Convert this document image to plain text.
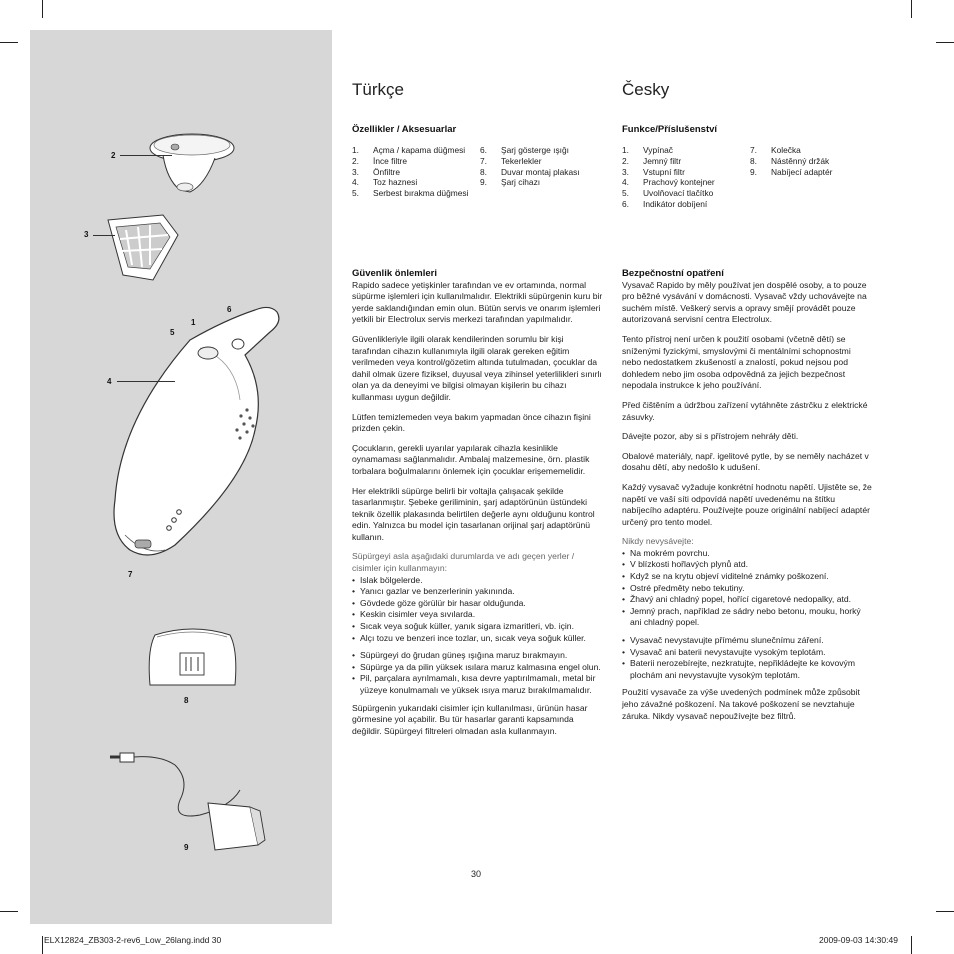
2
3
1
6
5
4
7
8
9
Türkçe
Özellikler / Aksesuarlar
1.	Açma / kapama düğmesi
2.	İnce filtre
3.	Önfiltre
4.	Toz haznesi
5.	Serbest bırakma düğmesi
6.	Şarj gösterge ışığı
7.	Tekerlekler
8.	Duvar montaj plakası
9.	Şarj cihazı
Güvenlik önlemleri

Rapido sadece yetişkinler tarafından ve ev ortamında, normal süpürme işlemleri için kullanılmalıdır. Elektrikli süpürgenin kuru bir yerde saklandığından emin olun. Bütün servis ve onarım işlemleri yetkili bir Electrolux servis merkezi tarafından yapılmalıdır.

Güvenlikleriyle ilgili olarak kendilerinden sorumlu bir kişi tarafından cihazın kullanımıyla ilgili olarak gereken eğitim verilmeden veya kontrol/gözetim altında tutulmadan, çocuklar da dahil olmak üzere fiziksel, duyusal veya zihinsel yeterlilikleri sınırlı olan ya da deneyimi ve bilgisi olmayan kişilerin bu cihazı kullanması uygun değildir.

Lütfen temizlemeden veya bakım yapmadan önce cihazın fişini prizden çekin.

Çocukların, gerekli uyarılar yapılarak cihazla kesinlikle oynamaması sağlanmalıdır. Ambalaj malzemesine, örn. plastik torbalara boğulmalarını önlemek için çocuklar erişememelidir.

Her elektrikli süpürge belirli bir voltajla çalışacak şekilde tasarlanmıştır. Şebeke geriliminin, şarj adaptörünün üstündeki teknik özellik plakasında belirtilen değerle aynı olduğunu kontrol edin. Yalnızca bu model için tasarlanan orijinal şarj adaptörünü kullanın.

Süpürgeyi asla aşağıdaki durumlarda ve adı geçen yerler / cisimler için kullanmayın:

• Islak bölgelerde.
• Yanıcı gazlar ve benzerlerinin yakınında.
• Gövdede göze görülür bir hasar olduğunda.
• Keskin cisimler veya sıvılarda.
• Sıcak veya soğuk küller, yanık sigara izmaritleri, vb. için.
• Alçı tozu ve benzeri ince tozlar, un, sıcak veya soğuk küller.
• Süpürgeyi do ğrudan güneş ışığına maruz bırakmayın.
• Süpürge ya da pilin yüksek ısılara maruz kalmasına engel olun.
• Pil, parçalara ayrılmamalı, kısa devre yaptırılmamalı, metal bir yüzeye konulmamalı ve yüksek ısıya maruz bırakılmamalıdır.

Süpürgenin yukarıdaki cisimler için kullanılması, ürünün hasar görmesine yol açabilir. Bu tür hasarlar garanti kapsamında değildir. Süpürgeyi filtreleri olmadan asla kullanmayın.

Česky
Funkce/Příslušenství
1.	Vypínač
2.	Jemný filtr
3.	Vstupní filtr
4.	Prachový kontejner
5.	Uvolňovací tlačítko
6.	Indikátor dobíjení
7.	Kolečka
8.	Nástěnný držák
9.	Nabíjecí adaptér
Bezpečnostní opatření

Vysavač Rapido by měly používat jen dospělé osoby, a to pouze pro běžné vysávání v domácnosti. Vysavač vždy uchovávejte na suchém místě. Veškerý servis a opravy smějí provádět pouze autorizovaná servisní centra Electrolux.

Tento přístroj není určen k použití osobami (včetně dětí) se sníženými fyzickými, smyslovými či mentálními schopnostmi nebo nedostatkem zkušeností a znalostí, pokud nejsou pod dohledem nebo jim osoba odpovědná za jejich bezpečnost nepodala instrukce k jeho používání.

Před čištěním a údržbou zařízení vytáhněte zástrčku z elektrické zásuvky.

Dávejte pozor, aby si s přístrojem nehráły děti.

Obalové materiály, např. igelitové pytle, by se neměly nacházet v dosahu dětí, aby nedošlo k udušení.

Každý vysavač vyžaduje konkrétní hodnotu napětí. Ujistěte se, že napětí ve vaší síti odpovídá napětí uvedenému na štítku nabíjecího adaptéru. Používejte pouze originální nabíjecí adaptér určený pro tento model.

Nikdy nevysávejte:

• Na mokrém povrchu.
• V blízkosti hořlavých plynů atd.
• Když se na krytu objeví viditelné známky poškození.
• Ostré předměty nebo tekutiny.
• Žhavý ani chladný popel, hořící cigaretové nedopalky, atd.
• Jemný prach, například ze sádry nebo betonu, mouku, horký ani chladný popel.
• Vysavač nevystavujte přímému slunečnímu záření.
• Vysavač ani baterii nevystavujte vysokým teplotám.
• Baterii nerozebírejte, nezkratujte, nepřikládejte ke kovovým plochám ani nevystavujte vysokým teplotám.

Použití vysavače za výše uvedených podmínek může způsobit jeho závažné poškození. Na takové poškození se nevztahuje záruka. Nikdy vysavač nepoužívejte bez filtrů.

30
ELX12824_ZB303-2-rev6_Low_26lang.indd 30	2009-09-03 14:30:49
